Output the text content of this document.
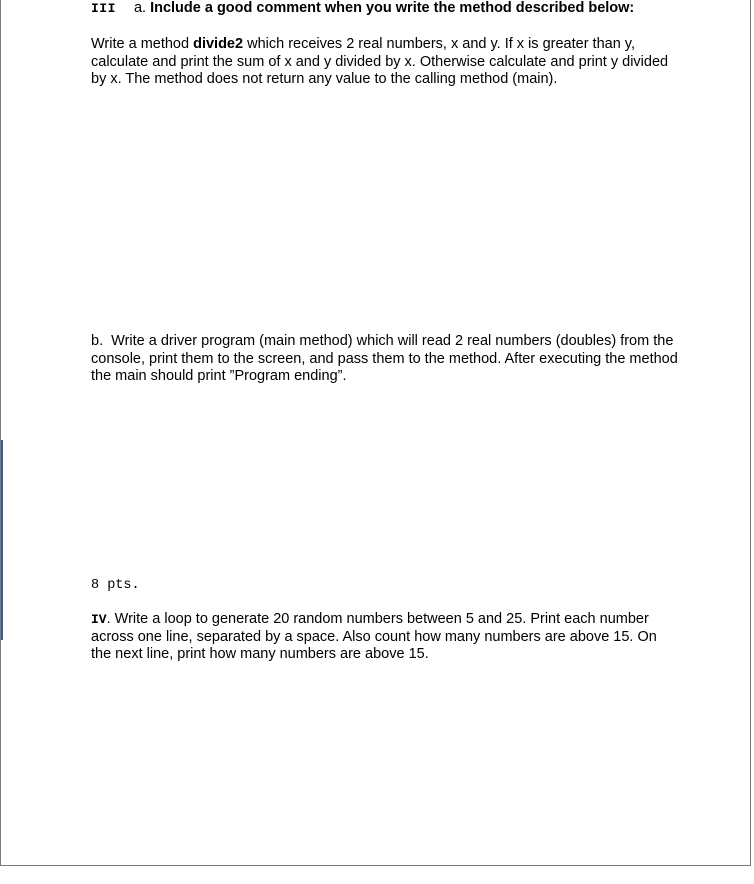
III a. Include a good comment when you write the method described below:
Write a method divide2 which receives 2 real numbers, x and y. If x is greater than y, calculate and print the sum of x and y divided by x. Otherwise calculate and print y divided by x. The method does not return any value to the calling method (main).
b. Write a driver program (main method) which will read 2 real numbers (doubles) from the console, print them to the screen, and pass them to the method. After executing the method the main should print ”Program ending”.
8 pts.
IV. Write a loop to generate 20 random numbers between 5 and 25. Print each number across one line, separated by a space. Also count how many numbers are above 15. On the next line, print how many numbers are above 15.
